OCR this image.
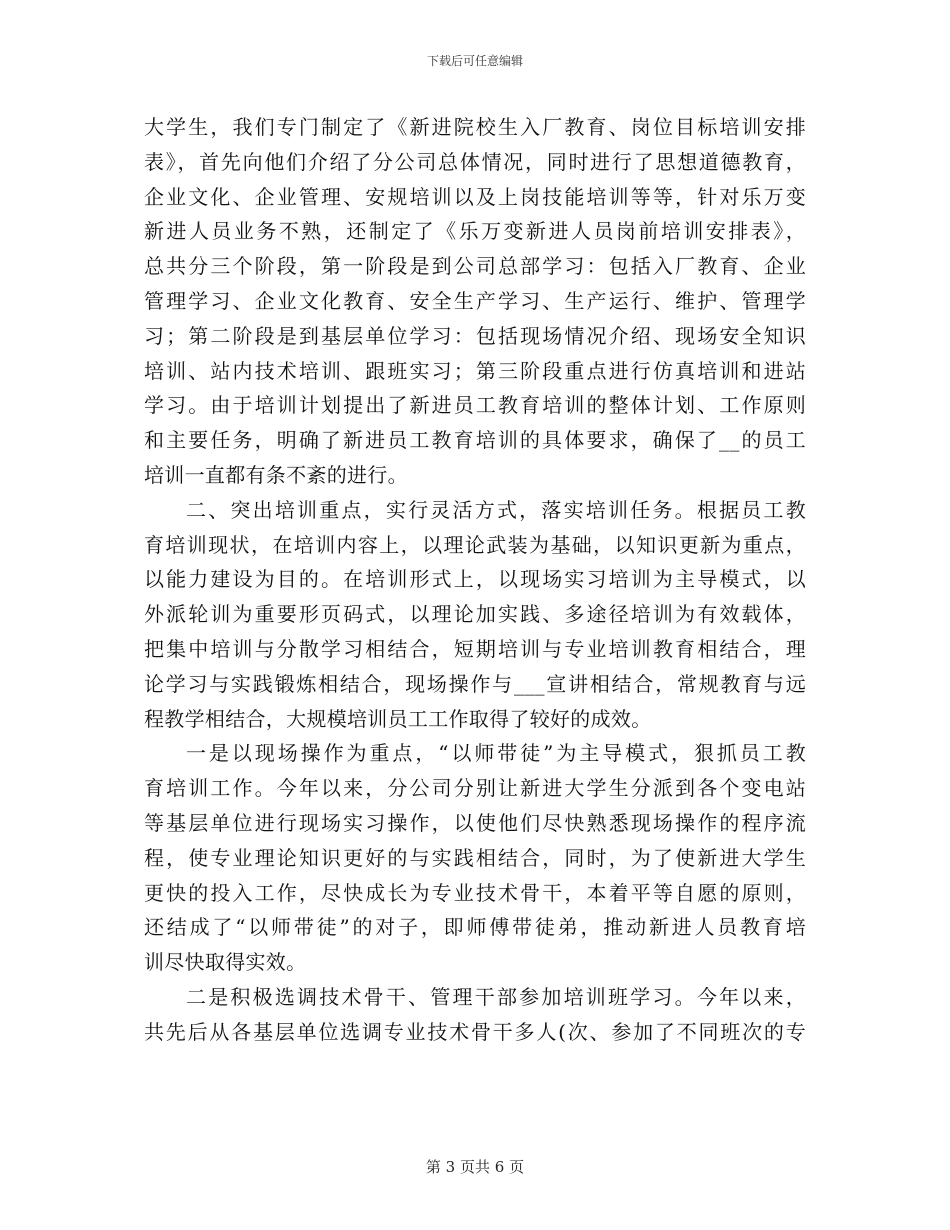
下载后可任意编辑
大学生，我们专门制定了《新进院校生入厂教育、岗位目标培训安排
表》，首先向他们介绍了分公司总体情况，同时进行了思想道德教育，
企业文化、企业管理、安规培训以及上岗技能培训等等，针对乐万变
新进人员业务不熟，还制定了《乐万变新进人员岗前培训安排表》，
总共分三个阶段，第一阶段是到公司总部学习：包括入厂教育、企业
管理学习、企业文化教育、安全生产学习、生产运行、维护、管理学
习；第二阶段是到基层单位学习：包括现场情况介绍、现场安全知识
培训、站内技术培训、跟班实习；第三阶段重点进行仿真培训和进站
学习。由于培训计划提出了新进员工教育培训的整体计划、工作原则
和主要任务，明确了新进员工教育培训的具体要求，确保了__的员工
培训一直都有条不紊的进行。
二、突出培训重点，实行灵活方式，落实培训任务。根据员工教
育培训现状，在培训内容上，以理论武装为基础，以知识更新为重点，
以能力建设为目的。在培训形式上，以现场实习培训为主导模式，以
外派轮训为重要形页码式，以理论加实践、多途径培训为有效载体，
把集中培训与分散学习相结合，短期培训与专业培训教育相结合，理
论学习与实践锻炼相结合，现场操作与___宣讲相结合，常规教育与远
程教学相结合，大规模培训员工工作取得了较好的成效。
一是以现场操作为重点，“以师带徒”为主导模式，狠抓员工教
育培训工作。今年以来，分公司分别让新进大学生分派到各个变电站
等基层单位进行现场实习操作，以使他们尽快熟悉现场操作的程序流
程，使专业理论知识更好的与实践相结合，同时，为了使新进大学生
更快的投入工作，尽快成长为专业技术骨干，本着平等自愿的原则，
还结成了“以师带徒”的对子，即师傅带徒弟，推动新进人员教育培
训尽快取得实效。
二是积极选调技术骨干、管理干部参加培训班学习。今年以来，
共先后从各基层单位选调专业技术骨干多人(次、参加了不同班次的专
第 3 页共 6 页
